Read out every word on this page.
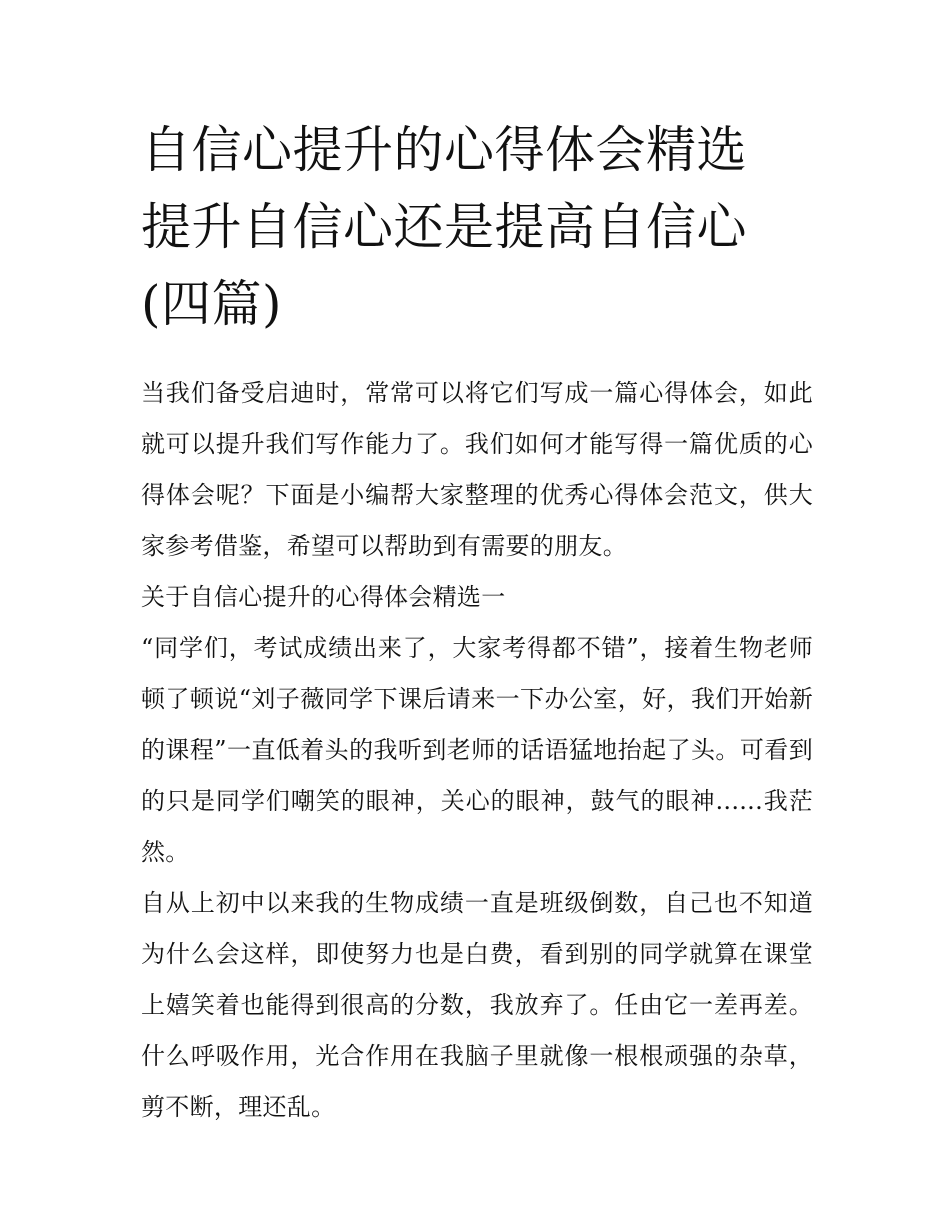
自信心提升的心得体会精选 提升自信心还是提高自信心(四篇)

当我们备受启迪时，常常可以将它们写成一篇心得体会，如此就可以提升我们写作能力了。我们如何才能写得一篇优质的心得体会呢？下面是小编帮大家整理的优秀心得体会范文，供大家参考借鉴，希望可以帮助到有需要的朋友。

关于自信心提升的心得体会精选一

“同学们，考试成绩出来了，大家考得都不错”，接着生物老师顿了顿说“刘子薇同学下课后请来一下办公室，好，我们开始新的课程”一直低着头的我听到老师的话语猛地抬起了头。可看到的只是同学们嘲笑的眼神，关心的眼神，鼓气的眼神......我茫然。

自从上初中以来我的生物成绩一直是班级倒数，自己也不知道为什么会这样，即使努力也是白费，看到别的同学就算在课堂上嬉笑着也能得到很高的分数，我放弃了。任由它一差再差。什么呼吸作用，光合作用在我脑子里就像一根根顽强的杂草，剪不断，理还乱。
